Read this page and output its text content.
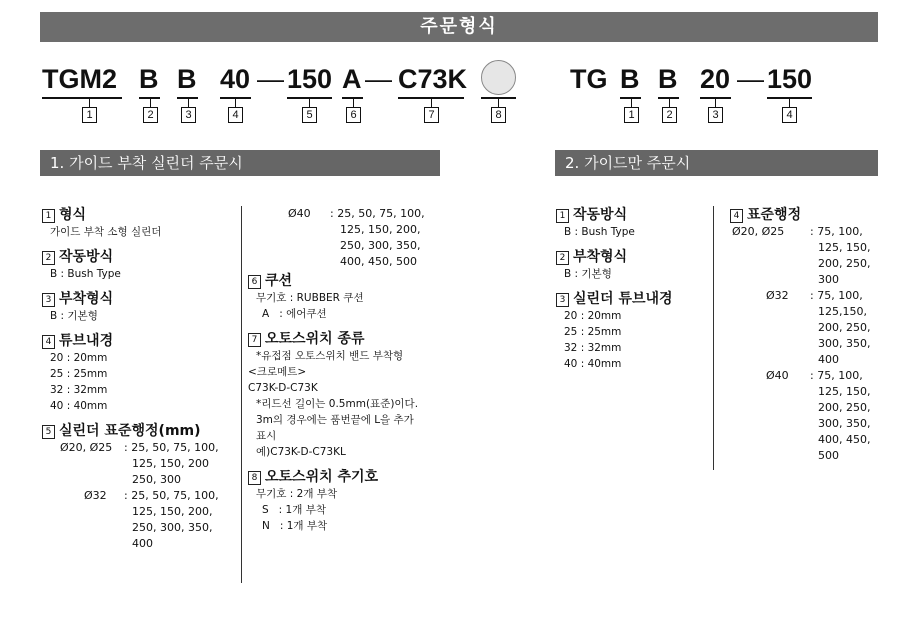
주문형식
TGM2 B B 40 — 150 A — C73K
1	2	3	4	5	6	7	8
TG B B 20 — 150
1	2	3	4
1. 가이드 부착 실린더 주문시	2. 가이드만 주문시
1 형식
가이드 부착 소형 실린더
2 작동방식
B : Bush Type
3 부착형식
B : 기본형
4 튜브내경
20 : 20mm
25 : 25mm
32 : 32mm
40 : 40mm
5 실린더 표준행정(mm)
Ø20, Ø25 : 25, 50, 75, 100,
125, 150, 200
250, 300
Ø32 : 25, 50, 75, 100,
125, 150, 200,
250, 300, 350,
400
Ø40 : 25, 50, 75, 100,
125, 150, 200,
250, 300, 350,
400, 450, 500
6 쿠션
무기호 : RUBBER 쿠션
A   : 에어쿠션
7 오토스위치 종류
*유접점 오토스위치 밴드 부착형
<크로메트>
C73K-D-C73K
*리드선 길이는 0.5mm(표준)이다.
3m의 경우에는 품번끝에 L을 추가
표시
예)C73K-D-C73KL
8 오토스위치 추기호
무기호 : 2개 부착
S   : 1개 부착
N   : 1개 부착
1 작동방식
B : Bush Type
2 부착형식
B : 기본형
3 실린더 튜브내경
20 : 20mm
25 : 25mm
32 : 32mm
40 : 40mm
4 표준행정
Ø20, Ø25 : 75, 100,
125, 150,
200, 250,
300
Ø32 : 75, 100,
125,150,
200, 250,
300, 350,
400
Ø40 : 75, 100,
125, 150,
200, 250,
300, 350,
400, 450,
500
